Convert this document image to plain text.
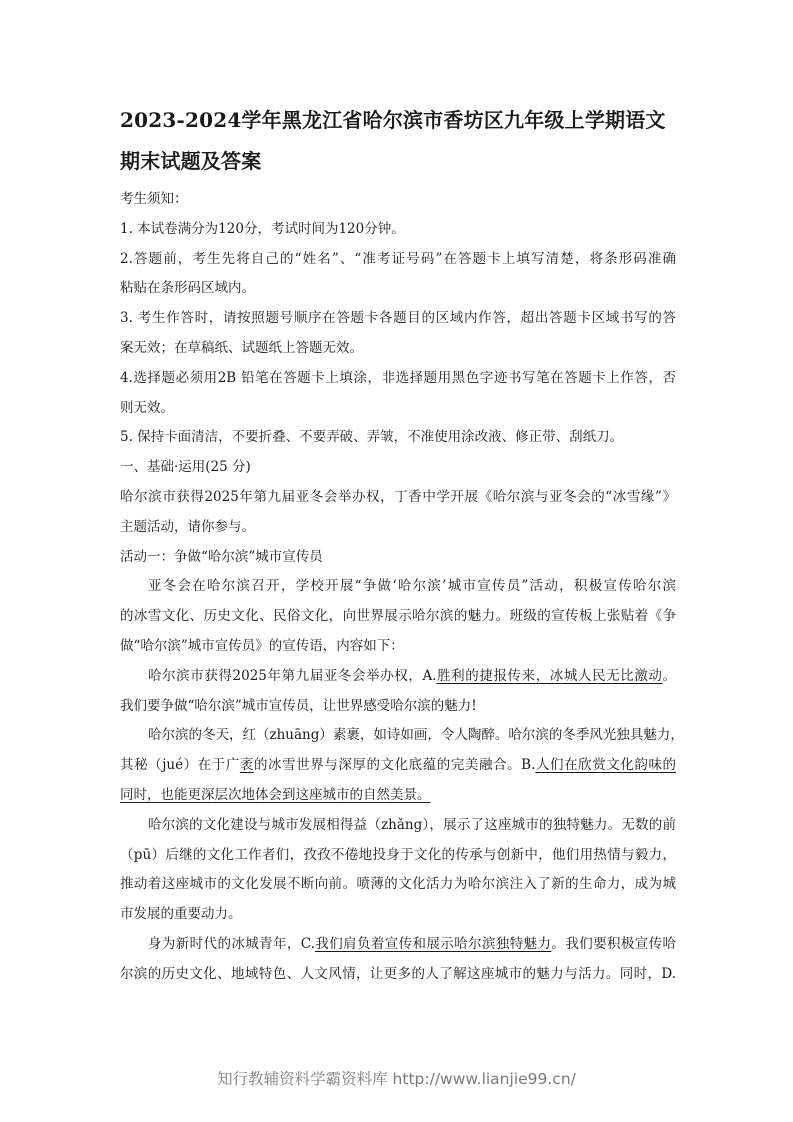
2023-2024学年黑龙江省哈尔滨市香坊区九年级上学期语文
期末试题及答案
考生须知：
1. 本试卷满分为120分，考试时间为120分钟。
2.答题前，考生先将自己的“姓名”、“准考证号码”在答题卡上填写清楚，将条形码准确
粘贴在条形码区域内。
3. 考生作答时，请按照题号顺序在答题卡各题目的区域内作答，超出答题卡区域书写的答
案无效；在草稿纸、试题纸上答题无效。
4.选择题必须用2B 铅笔在答题卡上填涂，非选择题用黑色字迹书写笔在答题卡上作答，否
则无效。
5. 保持卡面清洁，不要折叠、不要弄破、弄皱，不准使用涂改液、修正带、刮纸刀。
一、基础·运用(25 分)
哈尔滨市获得2025年第九届亚冬会举办权，丁香中学开展《哈尔滨与亚冬会的“冰雪缘”》
主题活动，请你参与。
活动一：争做“哈尔滨”城市宣传员
亚冬会在哈尔滨召开，学校开展“争做‘哈尔滨’城市宣传员”活动，积极宣传哈尔滨
的冰雪文化、历史文化、民俗文化，向世界展示哈尔滨的魅力。班级的宣传板上张贴着《争
做“哈尔滨”城市宣传员》的宣传语，内容如下：
哈尔滨市获得2025年第九届亚冬会举办权，A.胜利的捷报传来，冰城人民无比激动。
我们要争做“哈尔滨”城市宣传员，让世界感受哈尔滨的魅力!
哈尔滨的冬天，红（zhuāng）素裹，如诗如画，令人陶醉。哈尔滨的冬季风光独具魅力，
其秘（jué）在于广袤的冰雪世界与深厚的文化底蕴的完美融合。B.人们在欣赏文化韵味的
同时，也能更深层次地体会到这座城市的自然美景。
哈尔滨的文化建设与城市发展相得益（zhǎng），展示了这座城市的独特魅力。无数的前
（pū）后继的文化工作者们，孜孜不倦地投身于文化的传承与创新中，他们用热情与毅力，
推动着这座城市的文化发展不断向前。喷薄的文化活力为哈尔滨注入了新的生命力，成为城
市发展的重要动力。
身为新时代的冰城青年，C.我们肩负着宣传和展示哈尔滨独特魅力。我们要积极宣传哈
尔滨的历史文化、地域特色、人文风情，让更多的人了解这座城市的魅力与活力。同时，D.
知行教辅资料学霸资料库 http://www.lianjie99.cn/
